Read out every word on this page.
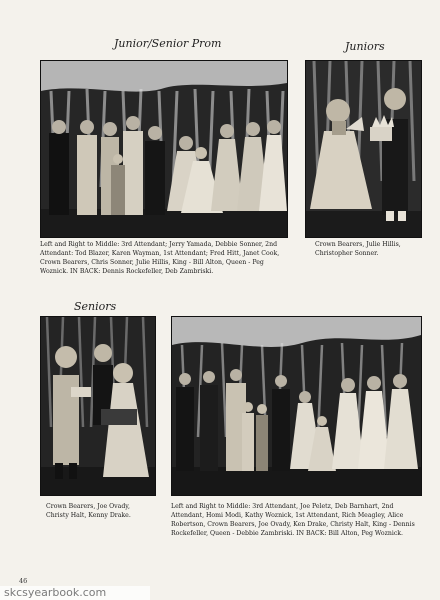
Junior/Senior Prom	Juniors
Seniors
Left and Right to Middle: 3rd Attendant; Jerry Yamada, Debbie Sonner, 2nd Attendant: Tod Blazer, Karen Wayman, 1st Attendant; Fred Hitt, Janet Cook, Crown Bearers, Chris Sonner, Julie Hillis, King - Bill Alton, Queen - Peg Woznick. IN BACK: Dennis Rockefeller, Deb Zambriski.
Crown Bearers, Julie Hillis, Christopher Sonner.
Crown Bearers, Joe Ovady, Christy Halt, Kenny Drake.
Left and Right to Middle: 3rd Attendant, Joe Peletz, Deb Barnhart, 2nd Attendant, Homi Modi, Kathy Woznick, 1st Attendant, Rich Meagley, Alice Robertson, Crown Bearers, Joe Ovady, Ken Drake, Christy Halt, King - Dennis Rockefeller, Queen - Debbie Zambriski. IN BACK: Bill Alton, Peg Woznick.
46
skcsyearbook.com
